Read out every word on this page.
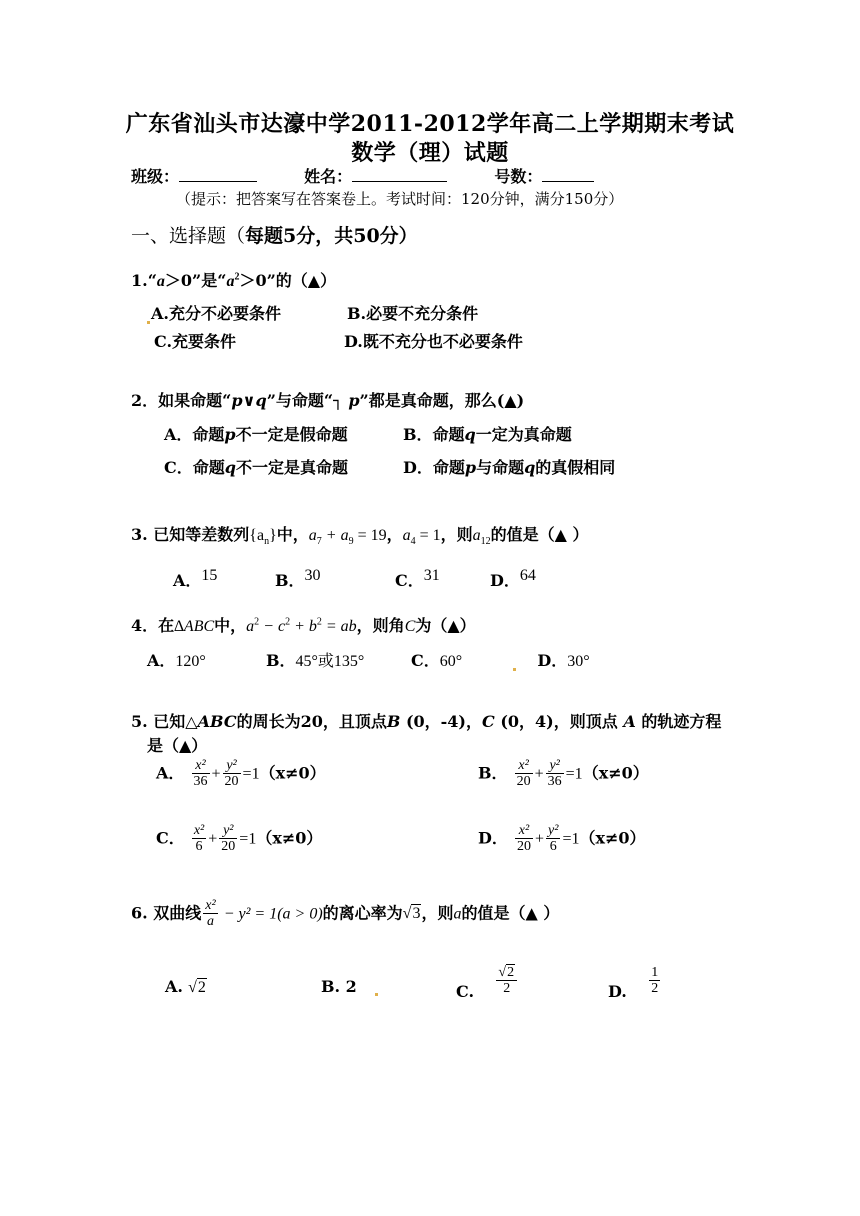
广东省汕头市达濠中学2011-2012学年高二上学期期末考试
数学（理）试题
班级：	姓名：	号数：
（提示：把答案写在答案卷上。考试时间：120分钟，满分150分）
一、选择题（每题5分，共50分）
1.“a＞0”是“$a^2>0$”的（▲）
A.充分不必要条件	B.必要不充分条件
C.充要条件	D.既不充分也不必要条件
2．如果命题“p∨q”与命题“┐ p”都是真命题，那么(▲)
A．命题p不一定是假命题	B．命题q一定为真命题
C．命题q不一定是真命题	D．命题p与命题q的真假相同
3. 已知等差数列$\{a_n\}$中，$a_7 + a_9 = 19$，$a_4 = 1$，则$a_{12}$的值是（▲ ）
A．15	B．30	C．31	D．64
4．在∆ABC中，$a^2 - c^2 + b^2$ = ab，则角C为（▲）
A．120°	B．45°或135°	C．60°	D．30°
5. 已知△ABC的周长为20，且顶点B (0，-4)，C (0，4)，则顶点 A 的轨迹方程
是（▲）
A． $\frac{\text{x²}}{36} + \frac{\text{y²}}{20} =1(x\ne 0)$	B． $\frac{\text{x²}}{20} + \frac{\text{y²}}{36} =1(x\ne 0)$
C． $\frac{\text{x²}}{6} + \frac{\text{y²}}{20} =1(x\ne 0)$	D． $\frac{\text{x²}}{20} + \frac{\text{y²}}{6} =1(x\ne 0)$
6. 双曲线 $\frac{\text{x²}}{a} - y^2 = 1(a > 0)$的离心率为√3，则a的值是（▲ ）
A. √2	B. 2	C. $\frac{√2}{2}$	D. $\frac{1}{2}$
